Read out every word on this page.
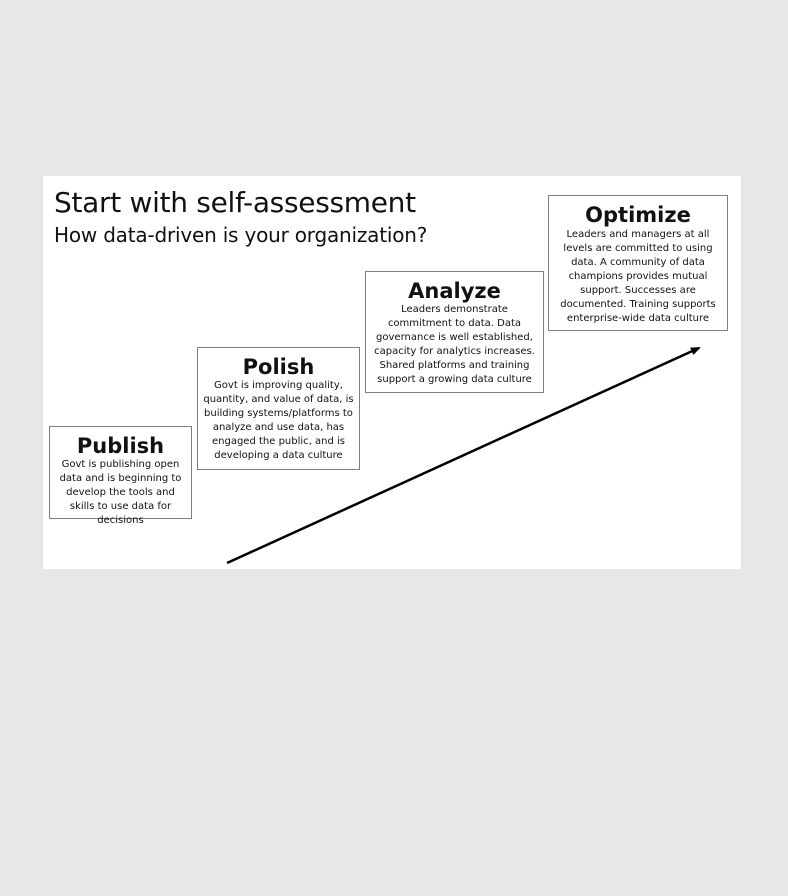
Start with self-assessment
How data-driven is your organization?
Publish
Govt is publishing open data and is beginning to develop the tools and skills to use data for decisions
Polish
Govt is improving quality, quantity, and value of data, is building systems/platforms to analyze and use data, has engaged the public, and is developing a data culture
Analyze
Leaders demonstrate commitment to data. Data governance is well established, capacity for analytics increases. Shared platforms and training support a growing data culture
Optimize
Leaders and managers at all levels are committed to using data. A community of data champions provides mutual support. Successes are documented. Training supports enterprise-wide data culture
